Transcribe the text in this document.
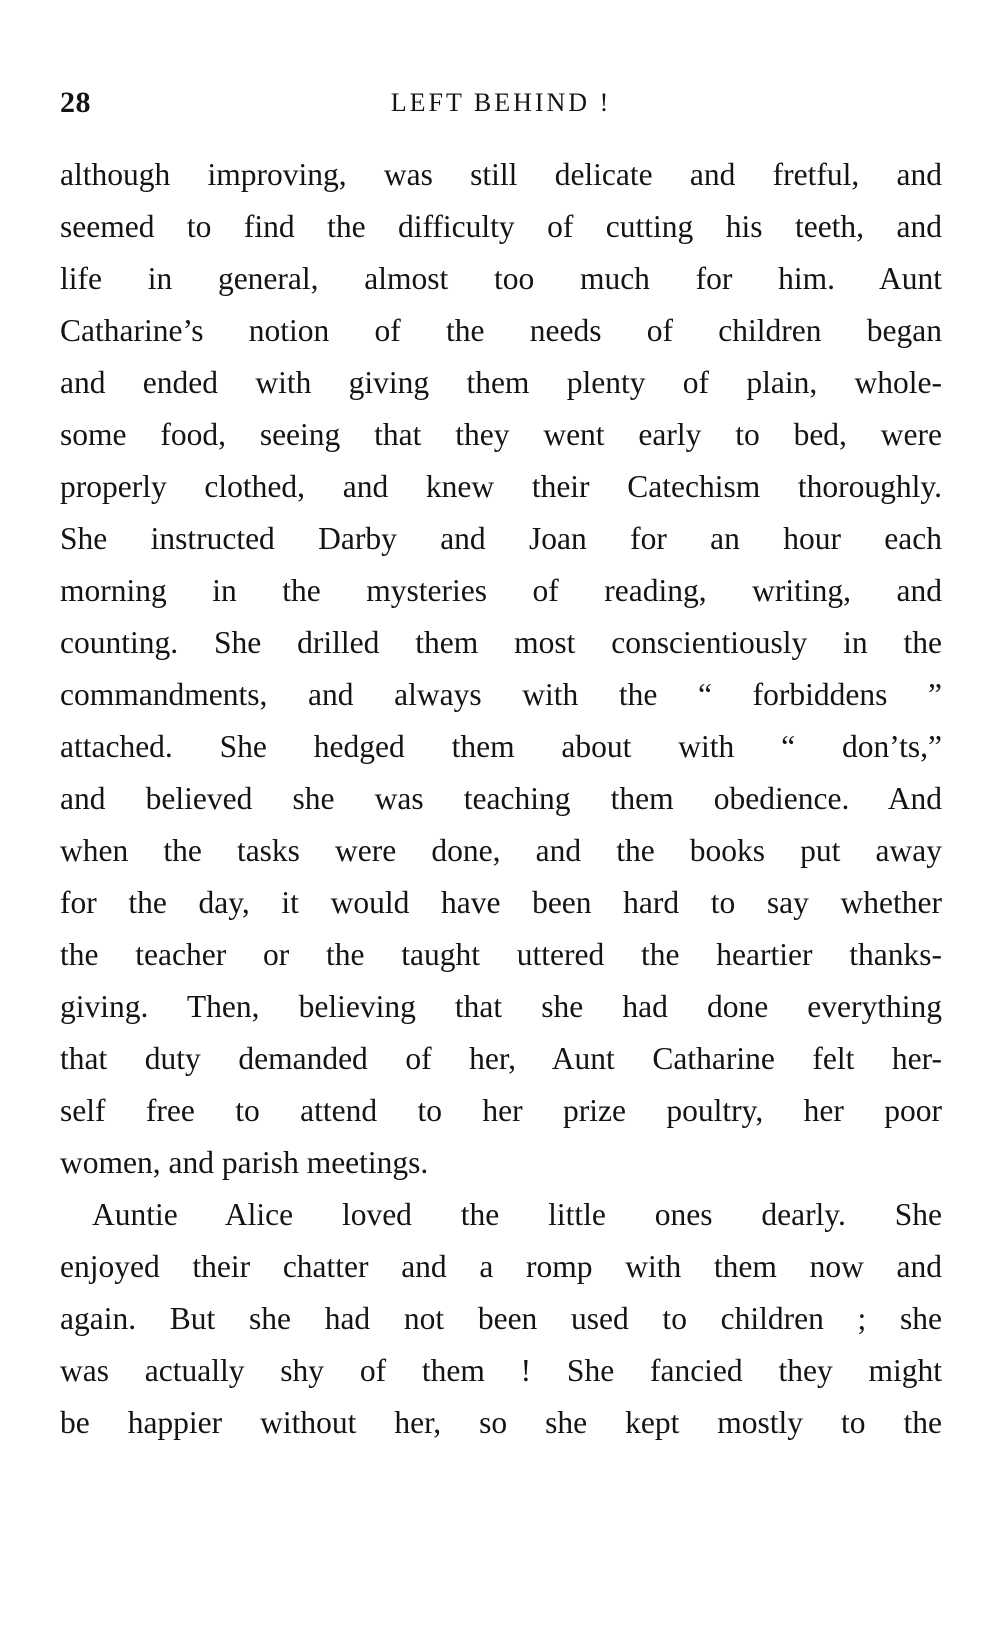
28	LEFT BEHIND !
although improving, was still delicate and fretful, and
seemed to find the difficulty of cutting his teeth, and
life in general, almost too much for him. Aunt
Catharine’s notion of the needs of children began
and ended with giving them plenty of plain, whole-
some food, seeing that they went early to bed, were
properly clothed, and knew their Catechism thoroughly.
She instructed Darby and Joan for an hour each
morning in the mysteries of reading, writing, and
counting. She drilled them most conscientiously in the
commandments, and always with the “ forbiddens ”
attached. She hedged them about with “ don’ts,”
and believed she was teaching them obedience. And
when the tasks were done, and the books put away
for the day, it would have been hard to say whether
the teacher or the taught uttered the heartier thanks-
giving. Then, believing that she had done everything
that duty demanded of her, Aunt Catharine felt her-
self free to attend to her prize poultry, her poor
women, and parish meetings.
Auntie Alice loved the little ones dearly. She
enjoyed their chatter and a romp with them now and
again. But she had not been used to children ; she
was actually shy of them ! She fancied they might
be happier without her, so she kept mostly to the
